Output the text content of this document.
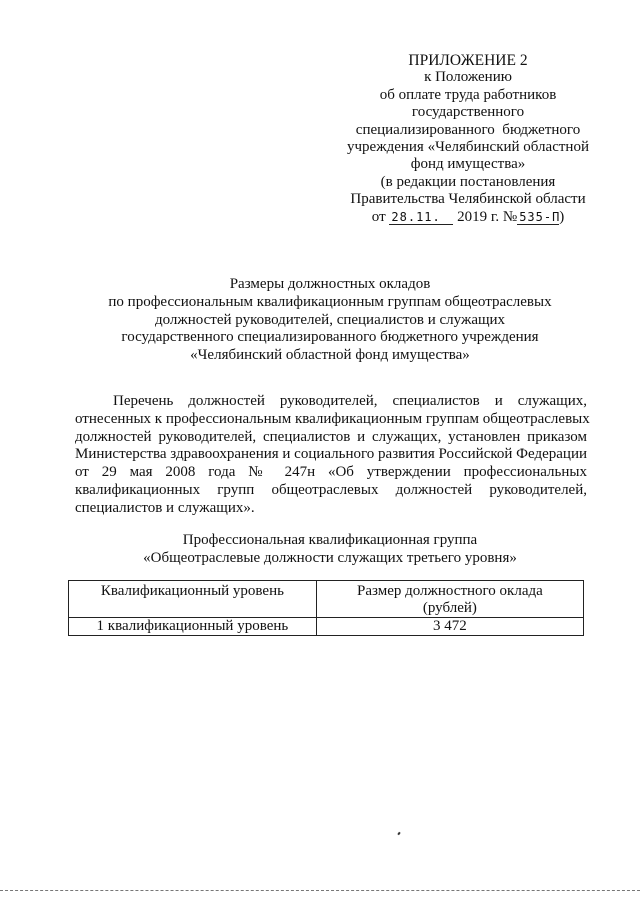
ПРИЛОЖЕНИЕ 2
к Положению
об оплате труда работников
государственного
специализированного  бюджетного
учреждения «Челябинский областной
фонд имущества»
(в редакции постановления
Правительства Челябинской области
от 28.11. 2019 г. № 535-П)
Размеры должностных окладов
по профессиональным квалификационным группам общеотраслевых
должностей руководителей, специалистов и служащих
государственного специализированного бюджетного учреждения
«Челябинский областной фонд имущества»
Перечень должностей руководителей, специалистов и служащих,
отнесенных к профессиональным квалификационным группам общеотраслевых
должностей руководителей, специалистов и служащих, установлен приказом
Министерства здравоохранения и социального развития Российской Федерации
от 29 мая 2008 года № 247н «Об утверждении профессиональных
квалификационных групп общеотраслевых должностей руководителей,
специалистов и служащих».
Профессиональная квалификационная группа
«Общеотраслевые должности служащих третьего уровня»
Квалификационный уровень	Размер должностного оклада
(рублей)
1 квалификационный уровень	3 472
